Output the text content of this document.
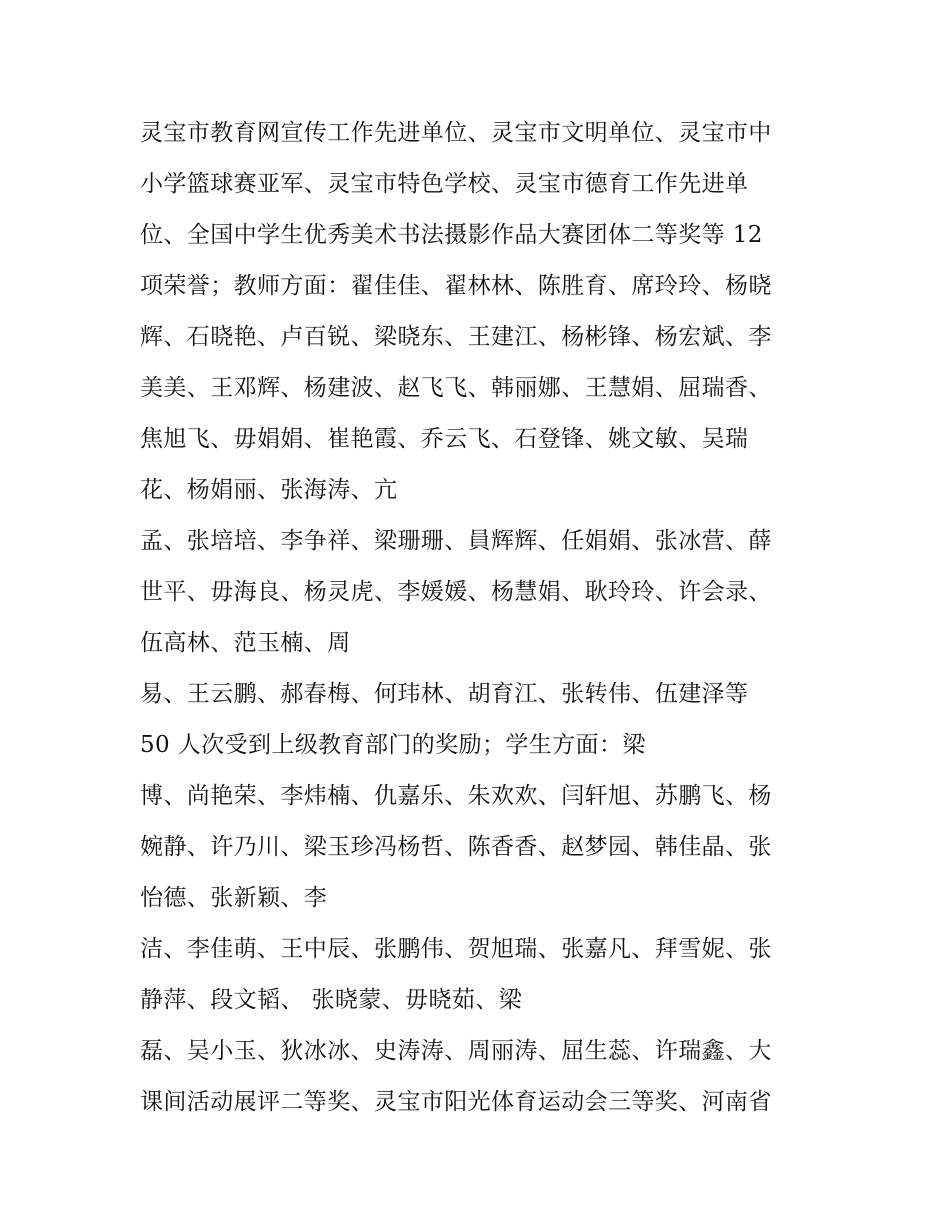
灵宝市教育网宣传工作先进单位、灵宝市文明单位、灵宝市中
小学篮球赛亚军、灵宝市特色学校、灵宝市德育工作先进单
位、全国中学生优秀美术书法摄影作品大赛团体二等奖等 12
项荣誉；教师方面：翟佳佳、翟林林、陈胜育、席玲玲、杨晓
辉、石晓艳、卢百锐、梁晓东、王建江、杨彬锋、杨宏斌、李
美美、王邓辉、杨建波、赵飞飞、韩丽娜、王慧娟、屈瑞香、
焦旭飞、毋娟娟、崔艳霞、乔云飞、石登锋、姚文敏、吴瑞
花、杨娟丽、张海涛、亢
孟、张培培、李争祥、梁珊珊、員辉辉、任娟娟、张冰营、薛
世平、毋海良、杨灵虎、李媛媛、杨慧娟、耿玲玲、许会录、
伍高林、范玉楠、周
易、王云鹏、郝春梅、何玮林、胡育江、张转伟、伍建泽等
50 人次受到上级教育部门的奖励；学生方面：梁
博、尚艳荣、李炜楠、仇嘉乐、朱欢欢、闫轩旭、苏鹏飞、杨
婉静、许乃川、梁玉珍冯杨哲、陈香香、赵梦园、韩佳晶、张
怡德、张新颖、李
洁、李佳萌、王中辰、张鹏伟、贺旭瑞、张嘉凡、拜雪妮、张
静萍、段文韬、 张晓蒙、毋晓茹、梁
磊、吴小玉、狄冰冰、史涛涛、周丽涛、屈生蕊、许瑞鑫、大
课间活动展评二等奖、灵宝市阳光体育运动会三等奖、河南省
